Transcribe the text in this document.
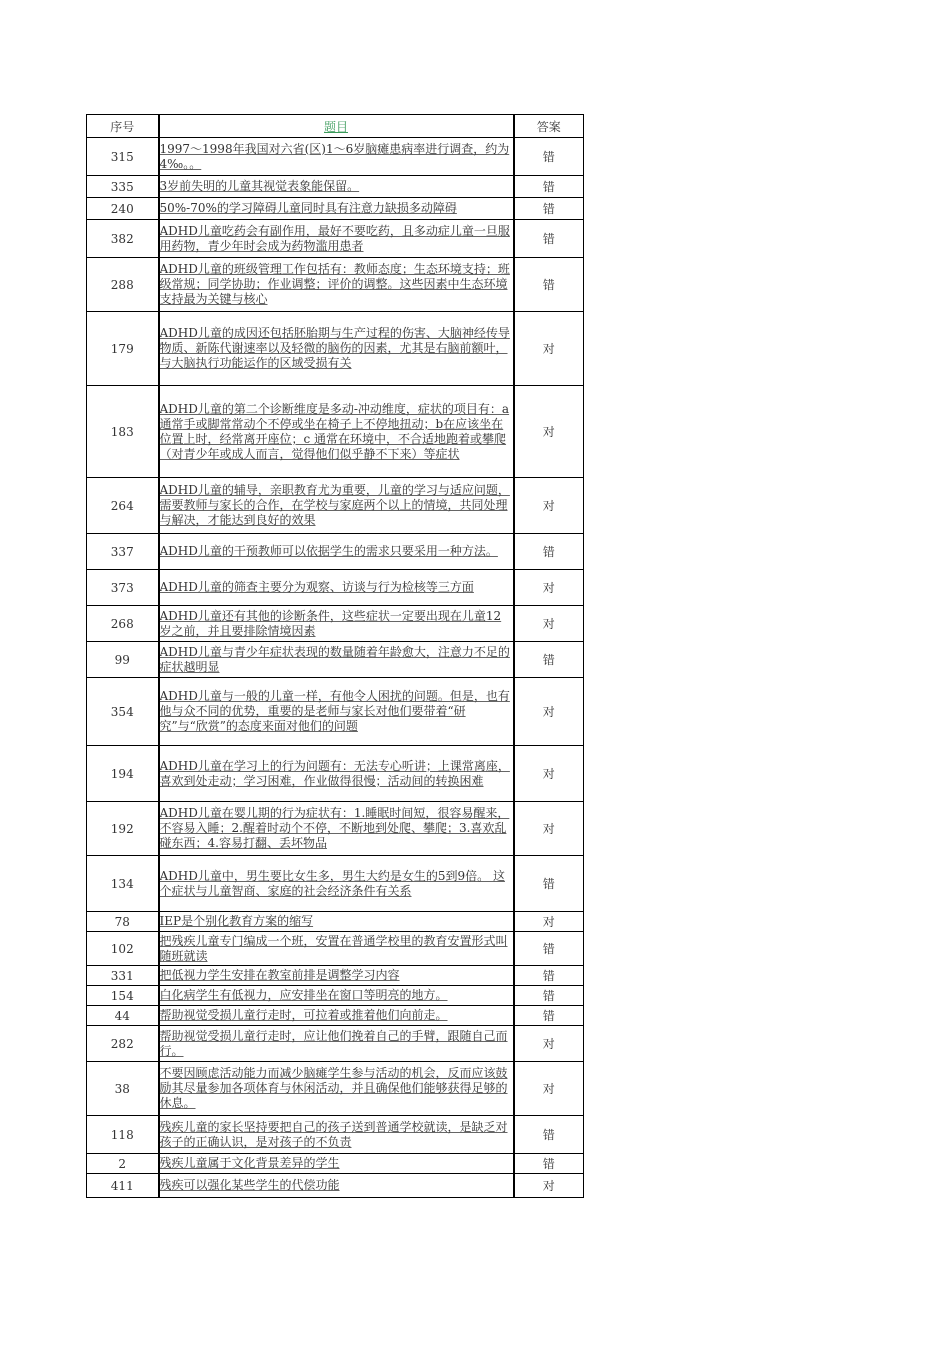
序号	题目	答案
315	1997～1998年我国对六省(区)1～6岁脑瘫患病率进行调查，约为4‰。。	错
335	3岁前失明的儿童其视觉表象能保留。	错
240	50%-70%的学习障碍儿童同时具有注意力缺损多动障碍	错
382	ADHD儿童吃药会有副作用，最好不要吃药，且多动症儿童一旦服用药物，青少年时会成为药物滥用患者	错
288	ADHD儿童的班级管理工作包括有：教师态度；生态环境支持；班级常规；同学协助；作业调整；评价的调整。这些因素中生态环境支持最为关键与核心	错
179	ADHD儿童的成因还包括胚胎期与生产过程的伤害、大脑神经传导物质、新陈代谢速率以及轻微的脑伤的因素，尤其是右脑前额叶，与大脑执行功能运作的区域受损有关	对
183	ADHD儿童的第二个诊断维度是多动-冲动维度，症状的项目有：a通常手或脚常常动个不停或坐在椅子上不停地扭动；b在应该坐在位置上时，经常离开座位；c 通常在环境中，不合适地跑着或攀爬（对青少年或成人而言，觉得他们似乎静不下来）等症状	对
264	ADHD儿童的辅导，亲职教育尤为重要，儿童的学习与适应问题，需要教师与家长的合作，在学校与家庭两个以上的情境，共同处理与解决，才能达到良好的效果	对
337	ADHD儿童的干预教师可以依据学生的需求只要采用一种方法。	错
373	ADHD儿童的筛查主要分为观察、访谈与行为检核等三方面	对
268	ADHD儿童还有其他的诊断条件，这些症状一定要出现在儿童12岁之前，并且要排除情境因素	对
99	ADHD儿童与青少年症状表现的数量随着年龄愈大，注意力不足的症状越明显	错
354	ADHD儿童与一般的儿童一样，有他令人困扰的问题。但是，也有他与众不同的优势，重要的是老师与家长对他们要带着“研究”与“欣赏”的态度来面对他们的问题	对
194	ADHD儿童在学习上的行为问题有：无法专心听讲；上课常离座，喜欢到处走动；学习困难，作业做得很慢；活动间的转换困难	对
192	ADHD儿童在婴儿期的行为症状有：1.睡眠时间短，很容易醒来，不容易入睡；2.醒着时动个不停，不断地到处爬、攀爬；3.喜欢乱碰东西；4.容易打翻、丢坏物品	对
134	ADHD儿童中，男生要比女生多，男生大约是女生的5到9倍。 这个症状与儿童智商、家庭的社会经济条件有关系	错
78	IEP是个别化教育方案的缩写	对
102	把残疾儿童专门编成一个班，安置在普通学校里的教育安置形式叫随班就读	错
331	把低视力学生安排在教室前排是调整学习内容	错
154	白化病学生有低视力，应安排坐在窗口等明亮的地方。	错
44	帮助视觉受损儿童行走时，可拉着或推着他们向前走。	错
282	帮助视觉受损儿童行走时，应让他们挽着自己的手臂，跟随自己而行。	对
38	不要因顾虑活动能力而减少脑瘫学生参与活动的机会，反而应该鼓励其尽量参加各项体育与休闲活动，并且确保他们能够获得足够的休息。	对
118	残疾儿童的家长坚持要把自己的孩子送到普通学校就读，是缺乏对孩子的正确认识，是对孩子的不负责	错
2	残疾儿童属于文化背景差异的学生	错
411	残疾可以强化某些学生的代偿功能	对
